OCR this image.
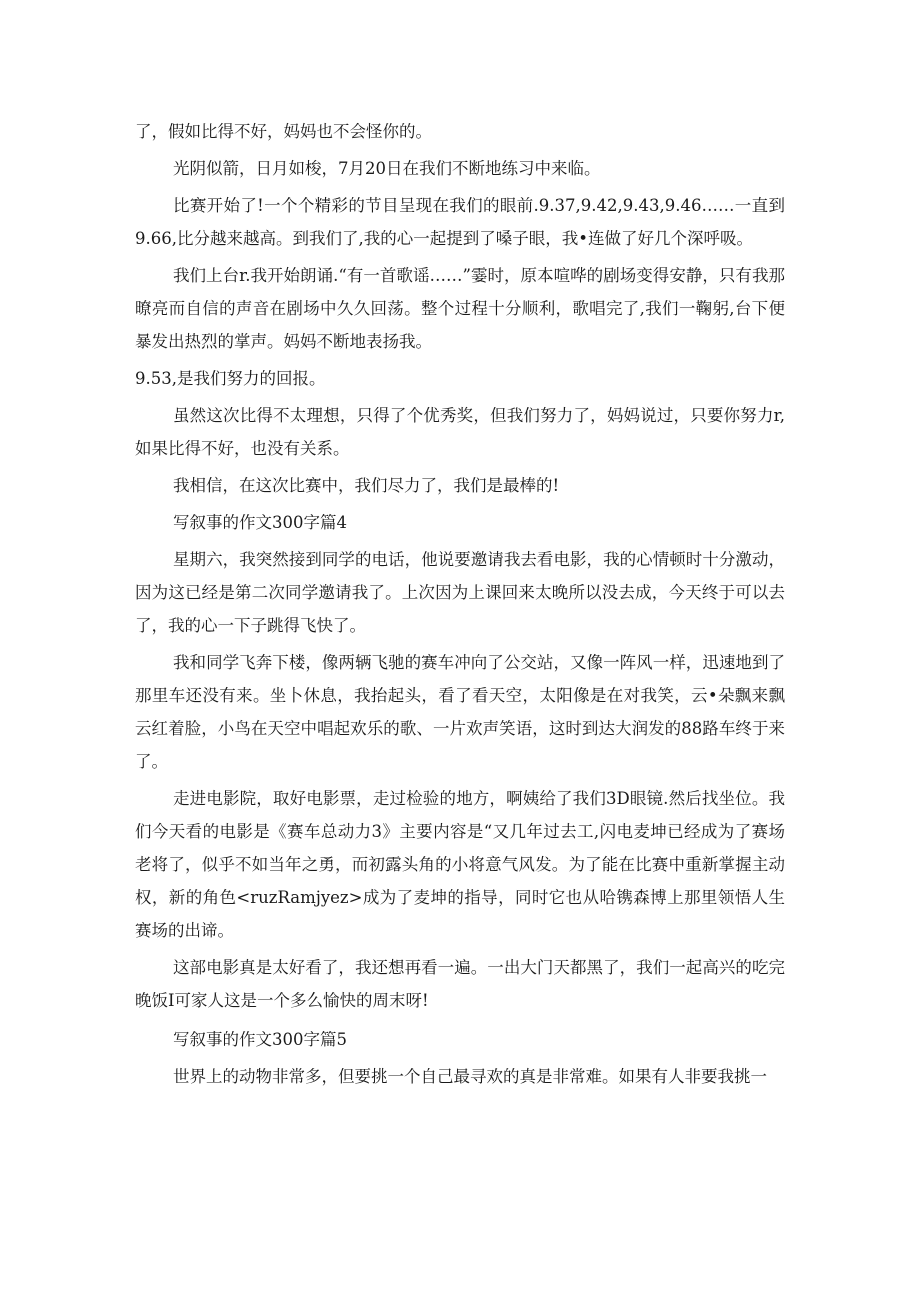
了，假如比得不好，妈妈也不会怪你的。

光阴似箭，日月如梭，7月20日在我们不断地练习中来临。

比赛开始了!一个个精彩的节目呈现在我们的眼前.9.37,9.42,9.43,9.46……一直到9.66,比分越来越高。到我们了,我的心一起提到了嗓子眼，我•连做了好几个深呼吸。

我们上台r.我开始朗诵.“有一首歌谣……”霎时，原本喧哗的剧场变得安静，只有我那暸亮而自信的声音在剧场中久久回荡。整个过程十分顺利，歌唱完了,我们一鞠躬,台下便暴发出热烈的掌声。妈妈不断地表扬我。

9.53,是我们努力的回报。

虽然这次比得不太理想，只得了个优秀奖，但我们努力了，妈妈说过，只要你努力r,如果比得不好，也没有关系。

我相信，在这次比赛中，我们尽力了，我们是最棒的!

写叙事的作文300字篇4

星期六，我突然接到同学的电话，他说要邀请我去看电影，我的心情顿时十分激动，因为这已经是第二次同学邀请我了。上次因为上课回来太晚所以没去成，今天终于可以去了，我的心一下子跳得飞快了。

我和同学飞奔下楼，像两辆飞驰的赛车冲向了公交站，又像一阵风一样，迅速地到了那里车还没有来。坐卜休息，我抬起头，看了看天空，太阳像是在对我笑，云•朵飘来飘云红着脸，小鸟在天空中唱起欢乐的歌、一片欢声笑语，这时到达大润发的88路车终于来了。

走进电影院，取好电影票，走过检验的地方，啊姨给了我们3D眼镜.然后找坐位。我们今天看的电影是《赛车总动力3》主要内容是“又几年过去工,闪电麦坤已经成为了赛场老将了，似乎不如当年之勇，而初露头角的小将意气风发。为了能在比赛中重新掌握主动权，新的角色<ruzRamjyez>成为了麦坤的指导，同时它也从哈镌森博上那里领悟人生赛场的出谛。

这部电影真是太好看了，我还想再看一遍。一出大门天都黑了，我们一起高兴的吃完晚饭I可家人这是一个多么愉快的周末呀!

写叙事的作文300字篇5

世界上的动物非常多，但要挑一个自己最寻欢的真是非常难。如果有人非要我挑一
